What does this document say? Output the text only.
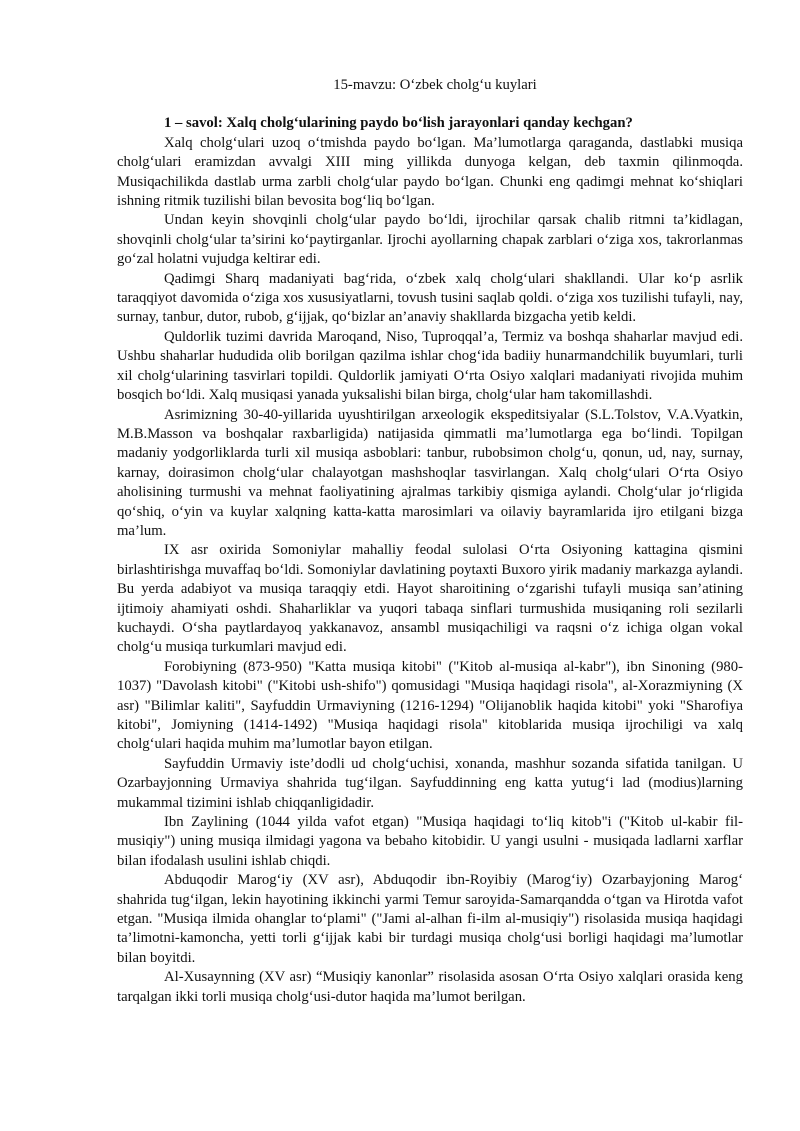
15-mavzu: O‘zbek cholg‘u kuylari

1 – savol: Xalq cholg‘ularining paydo bo‘lish jarayonlari qanday kechgan?

Xalq cholg‘ulari uzoq o‘tmishda paydo bo‘lgan. Ma’lumotlarga qaraganda, dastlabki musiqa cholg‘ulari eramizdan avvalgi XIII ming yillikda dunyoga kelgan, deb taxmin qilinmoqda. Musiqachilikda dastlab urma zarbli cholg‘ular paydo bo‘lgan. Chunki eng qadimgi mehnat ko‘shiqlari ishning ritmik tuzilishi bilan bevosita bog‘liq bo‘lgan.

Undan keyin shovqinli cholg‘ular paydo bo‘ldi, ijrochilar qarsak chalib ritmni ta’kidlagan, shovqinli cholg‘ular ta’sirini ko‘paytirganlar. Ijrochi ayollarning chapak zarblari o‘ziga xos, takrorlanmas go‘zal holatni vujudga keltirar edi.

Qadimgi Sharq madaniyati bag‘rida, o‘zbek xalq cholg‘ulari shakllandi. Ular ko‘p asrlik taraqqiyot davomida o‘ziga xos xususiyatlarni, tovush tusini saqlab qoldi. o‘ziga xos tuzilishi tufayli, nay, surnay, tanbur, dutor, rubob, g‘ijjak, qo‘bizlar an’anaviy shakllarda bizgacha yetib keldi.

Quldorlik tuzimi davrida Maroqand, Niso, Tuproqqal’a, Termiz va boshqa shaharlar mavjud edi. Ushbu shaharlar hududida olib borilgan qazilma ishlar chog‘ida badiiy hunarmandchilik buyumlari, turli xil cholg‘ularining tasvirlari topildi. Quldorlik jamiyati O‘rta Osiyo xalqlari madaniyati rivojida muhim bosqich bo‘ldi. Xalq musiqasi yanada yuksalishi bilan birga, cholg‘ular ham takomillashdi.

Asrimizning 30-40-yillarida uyushtirilgan arxeologik ekspeditsiyalar (S.L.Tolstov, V.A.Vyatkin, M.B.Masson va boshqalar raxbarligida) natijasida qimmatli ma’lumotlarga ega bo‘lindi. Topilgan madaniy yodgorliklarda turli xil musiqa asboblari: tanbur, rubobsimon cholg‘u, qonun, ud, nay, surnay, karnay, doirasimon cholg‘ular chalayotgan mashshoqlar tasvirlangan. Xalq cholg‘ulari O‘rta Osiyo aholisining turmushi va mehnat faoliyatining ajralmas tarkibiy qismiga aylandi. Cholg‘ular jo‘rligida qo‘shiq, o‘yin va kuylar xalqning katta-katta marosimlari va oilaviy bayramlarida ijro etilgani bizga ma’lum.

IX asr oxirida Somoniylar mahalliy feodal sulolasi O‘rta Osiyoning kattagina qismini birlashtirishga muvaffaq bo‘ldi. Somoniylar davlatining poytaxti Buxoro yirik madaniy markazga aylandi. Bu yerda adabiyot va musiqa taraqqiy etdi. Hayot sharoitining o‘zgarishi tufayli musiqa san’atining ijtimoiy ahamiyati oshdi. Shaharliklar va yuqori tabaqa sinflari turmushida musiqaning roli sezilarli kuchaydi. O‘sha paytlardayoq yakkanavoz, ansambl musiqachiligi va raqsni o‘z ichiga olgan vokal cholg‘u musiqa turkumlari mavjud edi.

Forobiyning (873-950) "Katta musiqa kitobi" ("Kitob al-musiqa al-kabr"), ibn Sinoning (980-1037) "Davolash kitobi" ("Kitobi ush-shifo") qomusidagi "Musiqa haqidagi risola", al-Xorazmiyning (X asr) "Bilimlar kaliti", Sayfuddin Urmaviyning (1216-1294) "Olijanoblik haqida kitobi" yoki "Sharofiya kitobi", Jomiyning (1414-1492) "Musiqa haqidagi risola" kitoblarida musiqa ijrochiligi va xalq cholg‘ulari haqida muhim ma’lumotlar bayon etilgan.

Sayfuddin Urmaviy iste’dodli ud cholg‘uchisi, xonanda, mashhur sozanda sifatida tanilgan. U Ozarbayjonning Urmaviya shahrida tug‘ilgan. Sayfuddinning eng katta yutug‘i lad (modius)larning mukammal tizimini ishlab chiqqanligidadir.

Ibn Zaylining (1044 yilda vafot etgan) "Musiqa haqidagi to‘liq kitob"i ("Kitob ul-kabir fil-musiqiy") uning musiqa ilmidagi yagona va bebaho kitobidir. U yangi usulni - musiqada ladlarni xarflar bilan ifodalash usulini ishlab chiqdi.

Abduqodir Marog‘iy (XV asr), Abduqodir ibn-Royibiy (Marog‘iy) Ozarbayjoning Marog‘ shahrida tug‘ilgan, lekin hayotining ikkinchi yarmi Temur saroyida-Samarqandda o‘tgan va Hirotda vafot etgan. "Musiqa ilmida ohanglar to‘plami" ("Jami al-alhan fi-ilm al-musiqiy") risolasida musiqa haqidagi ta’limotni-kamoncha, yetti torli g‘ijjak kabi bir turdagi musiqa cholg‘usi borligi haqidagi ma’lumotlar bilan boyitdi.

Al-Xusaynning (XV asr) “Musiqiy kanonlar” risolasida asosan O‘rta Osiyo xalqlari orasida keng tarqalgan ikki torli musiqa cholg‘usi-dutor haqida ma’lumot berilgan.
